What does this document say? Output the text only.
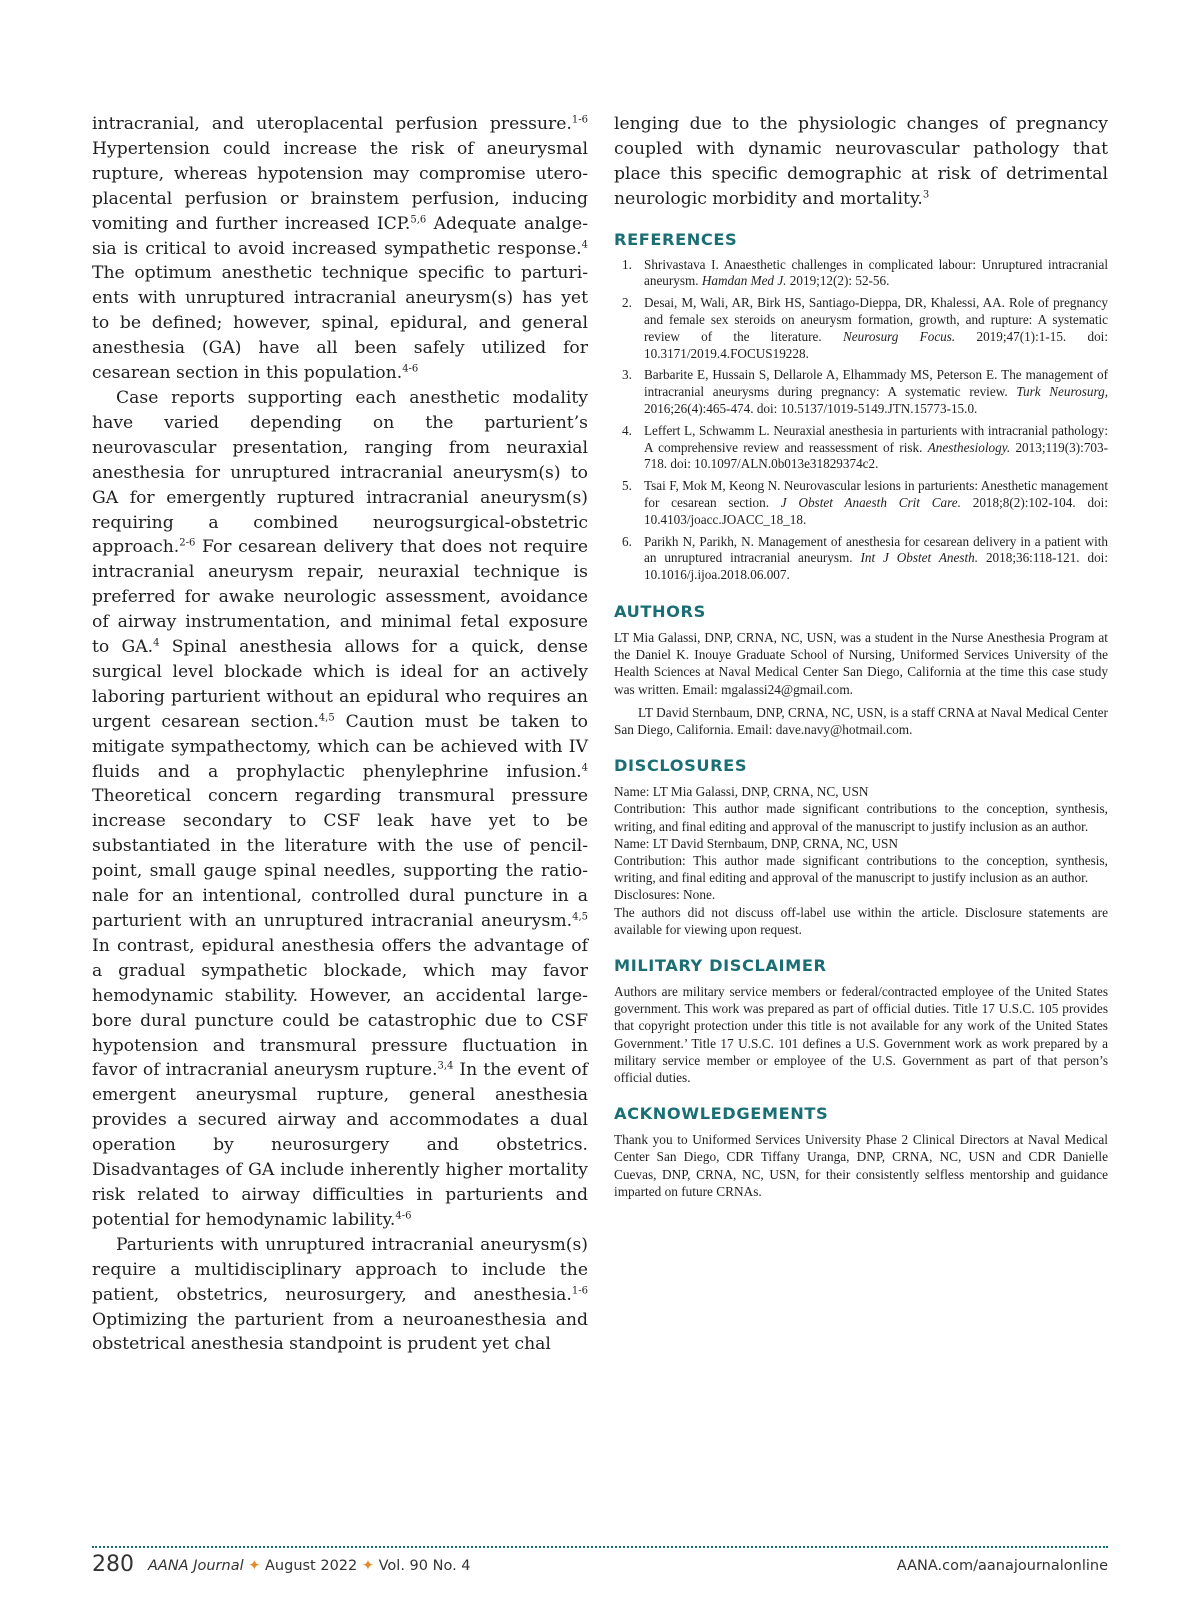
intracranial, and uteroplacental perfusion pressure.$^{1-6}$ Hypertension could increase the risk of aneurysmal rupture, whereas hypotension may compromise uteroplacental perfusion or brainstem perfusion, inducing vomiting and further increased ICP.$^{5,6}$ Adequate analgesia is critical to avoid increased sympathetic response.$^4$ The optimum anesthetic technique specific to parturients with unruptured intracranial aneurysm(s) has yet to be defined; however, spinal, epidural, and general anesthesia (GA) have all been safely utilized for cesarean section in this population.$^{4-6}$

Case reports supporting each anesthetic modality have varied depending on the parturient’s neurovascular presentation, ranging from neuraxial anesthesia for unruptured intracranial aneurysm(s) to GA for emergently ruptured intracranial aneurysm(s) requiring a combined neurogsurgical-obstetric approach.$^{2-6}$ For cesarean delivery that does not require intracranial aneurysm repair, neuraxial technique is preferred for awake neurologic assessment, avoidance of airway instrumentation, and minimal fetal exposure to GA.$^4$ Spinal anesthesia allows for a quick, dense surgical level blockade which is ideal for an actively laboring parturient without an epidural who requires an urgent cesarean section.$^{4,5}$ Caution must be taken to mitigate sympathectomy, which can be achieved with IV fluids and a prophylactic phenylephrine infusion.$^4$ Theoretical concern regarding transmural pressure increase secondary to CSF leak have yet to be substantiated in the literature with the use of pencil-point, small gauge spinal needles, supporting the rationale for an intentional, controlled dural puncture in a parturient with an unruptured intracranial aneurysm.$^{4,5}$ In contrast, epidural anesthesia offers the advantage of a gradual sympathetic blockade, which may favor hemodynamic stability. However, an accidental large-bore dural puncture could be catastrophic due to CSF hypotension and transmural pressure fluctuation in favor of intracranial aneurysm rupture.$^{3,4}$ In the event of emergent aneurysmal rupture, general anesthesia provides a secured airway and accommodates a dual operation by neurosurgery and obstetrics. Disadvantages of GA include inherently higher mortality risk related to airway difficulties in parturients and potential for hemodynamic lability.$^{4-6}$

Parturients with unruptured intracranial aneurysm(s) require a multidisciplinary approach to include the patient, obstetrics, neurosurgery, and anesthesia.$^{1-6}$ Optimizing the parturient from a neuroanesthesia and obstetrical anesthesia standpoint is prudent yet chal

lenging due to the physiologic changes of pregnancy coupled with dynamic neurovascular pathology that place this specific demographic at risk of detrimental neurologic morbidity and mortality.$^3$

REFERENCES
1. Shrivastava I. Anaesthetic challenges in complicated labour: Unruptured intracranial aneurysm. Hamdan Med J. 2019;12(2): 52-56.
2. Desai, M, Wali, AR, Birk HS, Santiago-Dieppa, DR, Khalessi, AA. Role of pregnancy and female sex steroids on aneurysm formation, growth, and rupture: A systematic review of the literature. Neurosurg Focus. 2019;47(1):1-15. doi: 10.3171/2019.4.FOCUS19228.
3. Barbarite E, Hussain S, Dellarole A, Elhammady MS, Peterson E. The management of intracranial aneurysms during pregnancy: A systematic review. Turk Neurosurg, 2016;26(4):465-474. doi: 10.5137/1019-5149.JTN.15773-15.0.
4. Leffert L, Schwamm L. Neuraxial anesthesia in parturients with intracranial pathology: A comprehensive review and reassessment of risk. Anesthesiology. 2013;119(3):703-718. doi: 10.1097/ALN.0b013e31829374c2.
5. Tsai F, Mok M, Keong N. Neurovascular lesions in parturients: Anesthetic management for cesarean section. J Obstet Anaesth Crit Care. 2018;8(2):102-104. doi: 10.4103/joacc.JOACC_18_18.
6. Parikh N, Parikh, N. Management of anesthesia for cesarean delivery in a patient with an unruptured intracranial aneurysm. Int J Obstet Anesth. 2018;36:118-121. doi: 10.1016/j.ijoa.2018.06.007.
AUTHORS

LT Mia Galassi, DNP, CRNA, NC, USN, was a student in the Nurse Anesthesia Program at the Daniel K. Inouye Graduate School of Nursing, Uniformed Services University of the Health Sciences at Naval Medical Center San Diego, California at the time this case study was written. Email: mgalassi24@gmail.com.

LT David Sternbaum, DNP, CRNA, NC, USN, is a staff CRNA at Naval Medical Center San Diego, California. Email: dave.navy@hotmail.com.

DISCLOSURES

Name: LT Mia Galassi, DNP, CRNA, NC, USN

Contribution: This author made significant contributions to the conception, synthesis, writing, and final editing and approval of the manuscript to justify inclusion as an author.

Name: LT David Sternbaum, DNP, CRNA, NC, USN

Contribution: This author made significant contributions to the conception, synthesis, writing, and final editing and approval of the manuscript to justify inclusion as an author.

Disclosures: None.

The authors did not discuss off-label use within the article. Disclosure statements are available for viewing upon request.

MILITARY DISCLAIMER

Authors are military service members or federal/contracted employee of the United States government. This work was prepared as part of official duties. Title 17 U.S.C. 105 provides that copyright protection under this title is not available for any work of the United States Government.’ Title 17 U.S.C. 101 defines a U.S. Government work as work prepared by a military service member or employee of the U.S. Government as part of that person’s official duties.

ACKNOWLEDGEMENTS

Thank you to Uniformed Services University Phase 2 Clinical Directors at Naval Medical Center San Diego, CDR Tiffany Uranga, DNP, CRNA, NC, USN and CDR Danielle Cuevas, DNP, CRNA, NC, USN, for their consistently selfless mentorship and guidance imparted on future CRNAs.

280 AANA Journal ✦ August 2022 ✦ Vol. 90 No. 4	AANA.com/aanajournalonline
